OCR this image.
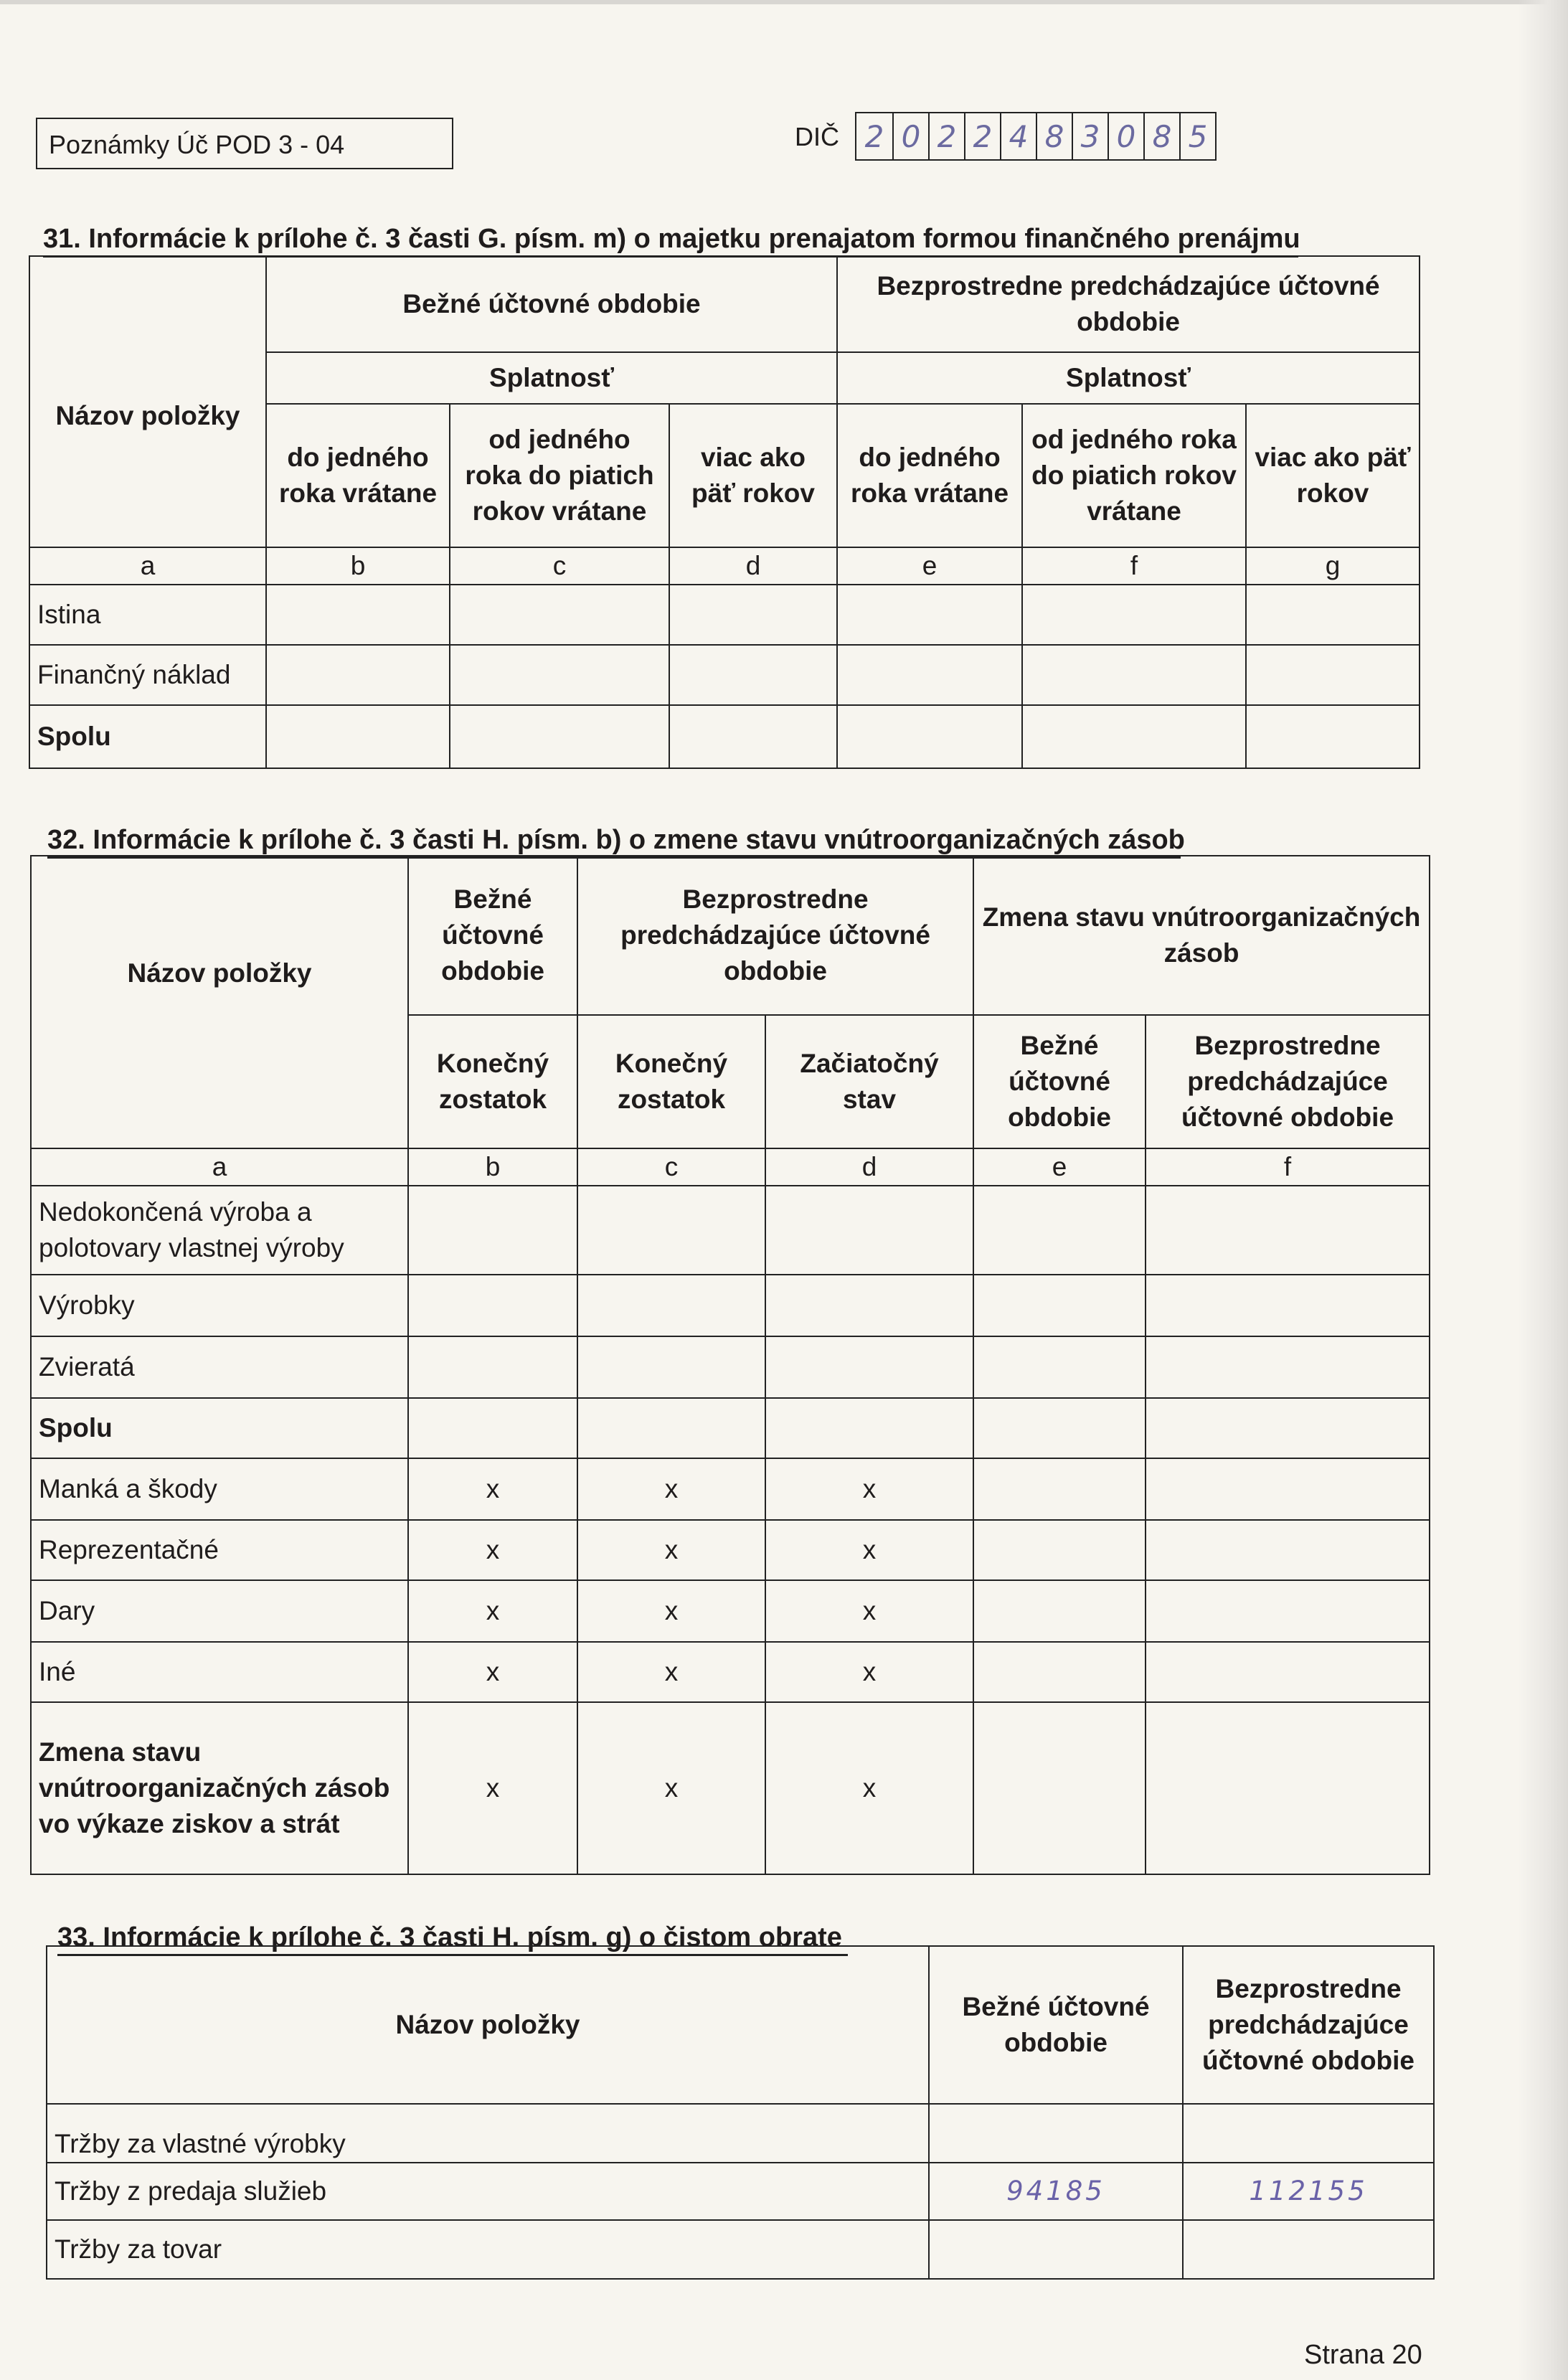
Poznámky Úč POD 3 - 04	DIČ 2 0 2 2 4 8 3 0 8 5
31. Informácie k prílohe č. 3 časti G. písm. m) o majetku prenajatom formou finančného prenájmu
Názov položky	Bežné účtovné obdobie			Bezprostredne predchádzajúce účtovné obdobie		
	Splatnosť			Splatnosť		
	do jedného roka vrátane	od jedného roka do piatich rokov vrátane	viac ako päť rokov	do jedného roka vrátane	od jedného roka do piatich rokov vrátane	viac ako päť rokov
a	b	c	d	e	f	g
Istina						
Finančný náklad						
Spolu						
32. Informácie k prílohe č. 3 časti H. písm. b) o zmene stavu vnútroorganizačných zásob
Názov položky	Bežné účtovné obdobie	Bezprostredne predchádzajúce účtovné obdobie		Zmena stavu vnútroorganizačných zásob	
	Konečný zostatok	Konečný zostatok	Začiatočný stav	Bežné účtovné obdobie	Bezprostredne predchádzajúce účtovné obdobie
a	b	c	d	e	f
Nedokončená výroba a polotovary vlastnej výroby					
Výrobky					
Zvieratá					
Spolu					
Manká a škody	x	x	x		
Reprezentačné	x	x	x		
Dary	x	x	x		
Iné	x	x	x		
Zmena stavu vnútroorganizačných zásob vo výkaze ziskov a strát	x	x	x		
33. Informácie k prílohe č. 3 časti H. písm. g) o čistom obrate
Názov položky	Bežné účtovné obdobie	Bezprostredne predchádzajúce účtovné obdobie
Tržby za vlastné výrobky		
Tržby z predaja služieb	94185	112155
Tržby za tovar		
Strana 20
